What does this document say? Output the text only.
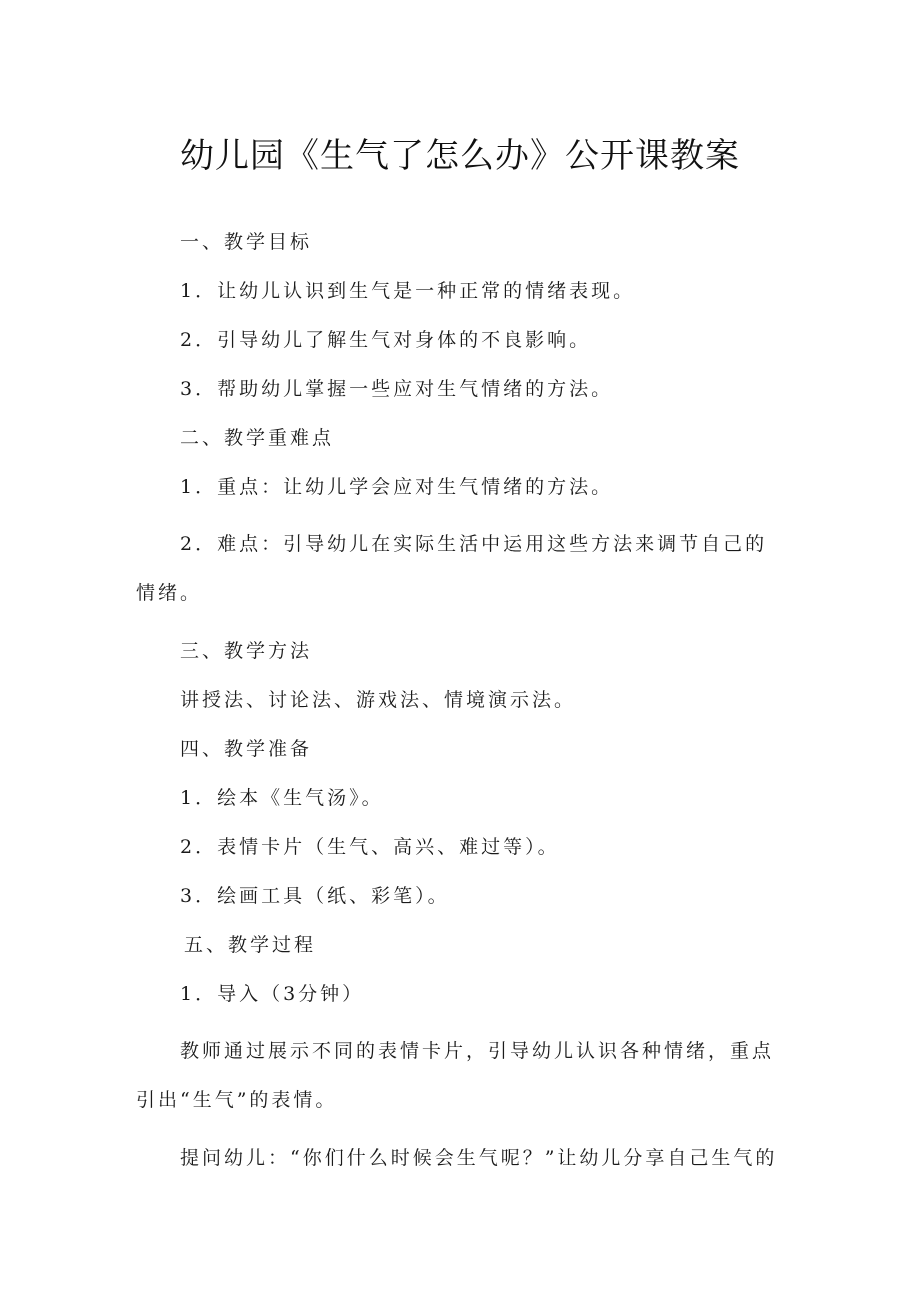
幼儿园《生气了怎么办》公开课教案
一、教学目标
1．让幼儿认识到生气是一种正常的情绪表现。
2．引导幼儿了解生气对身体的不良影响。
3．帮助幼儿掌握一些应对生气情绪的方法。
二、教学重难点
1．重点：让幼儿学会应对生气情绪的方法。
2．难点：引导幼儿在实际生活中运用这些方法来调节自己的情绪。
三、教学方法
讲授法、讨论法、游戏法、情境演示法。
四、教学准备
1．绘本《生气汤》。
2．表情卡片（生气、高兴、难过等）。
3．绘画工具（纸、彩笔）。
五、教学过程
1．导入（3分钟）
教师通过展示不同的表情卡片，引导幼儿认识各种情绪，重点引出“生气”的表情。
提问幼儿：“你们什么时候会生气呢？”让幼儿分享自己生气的
